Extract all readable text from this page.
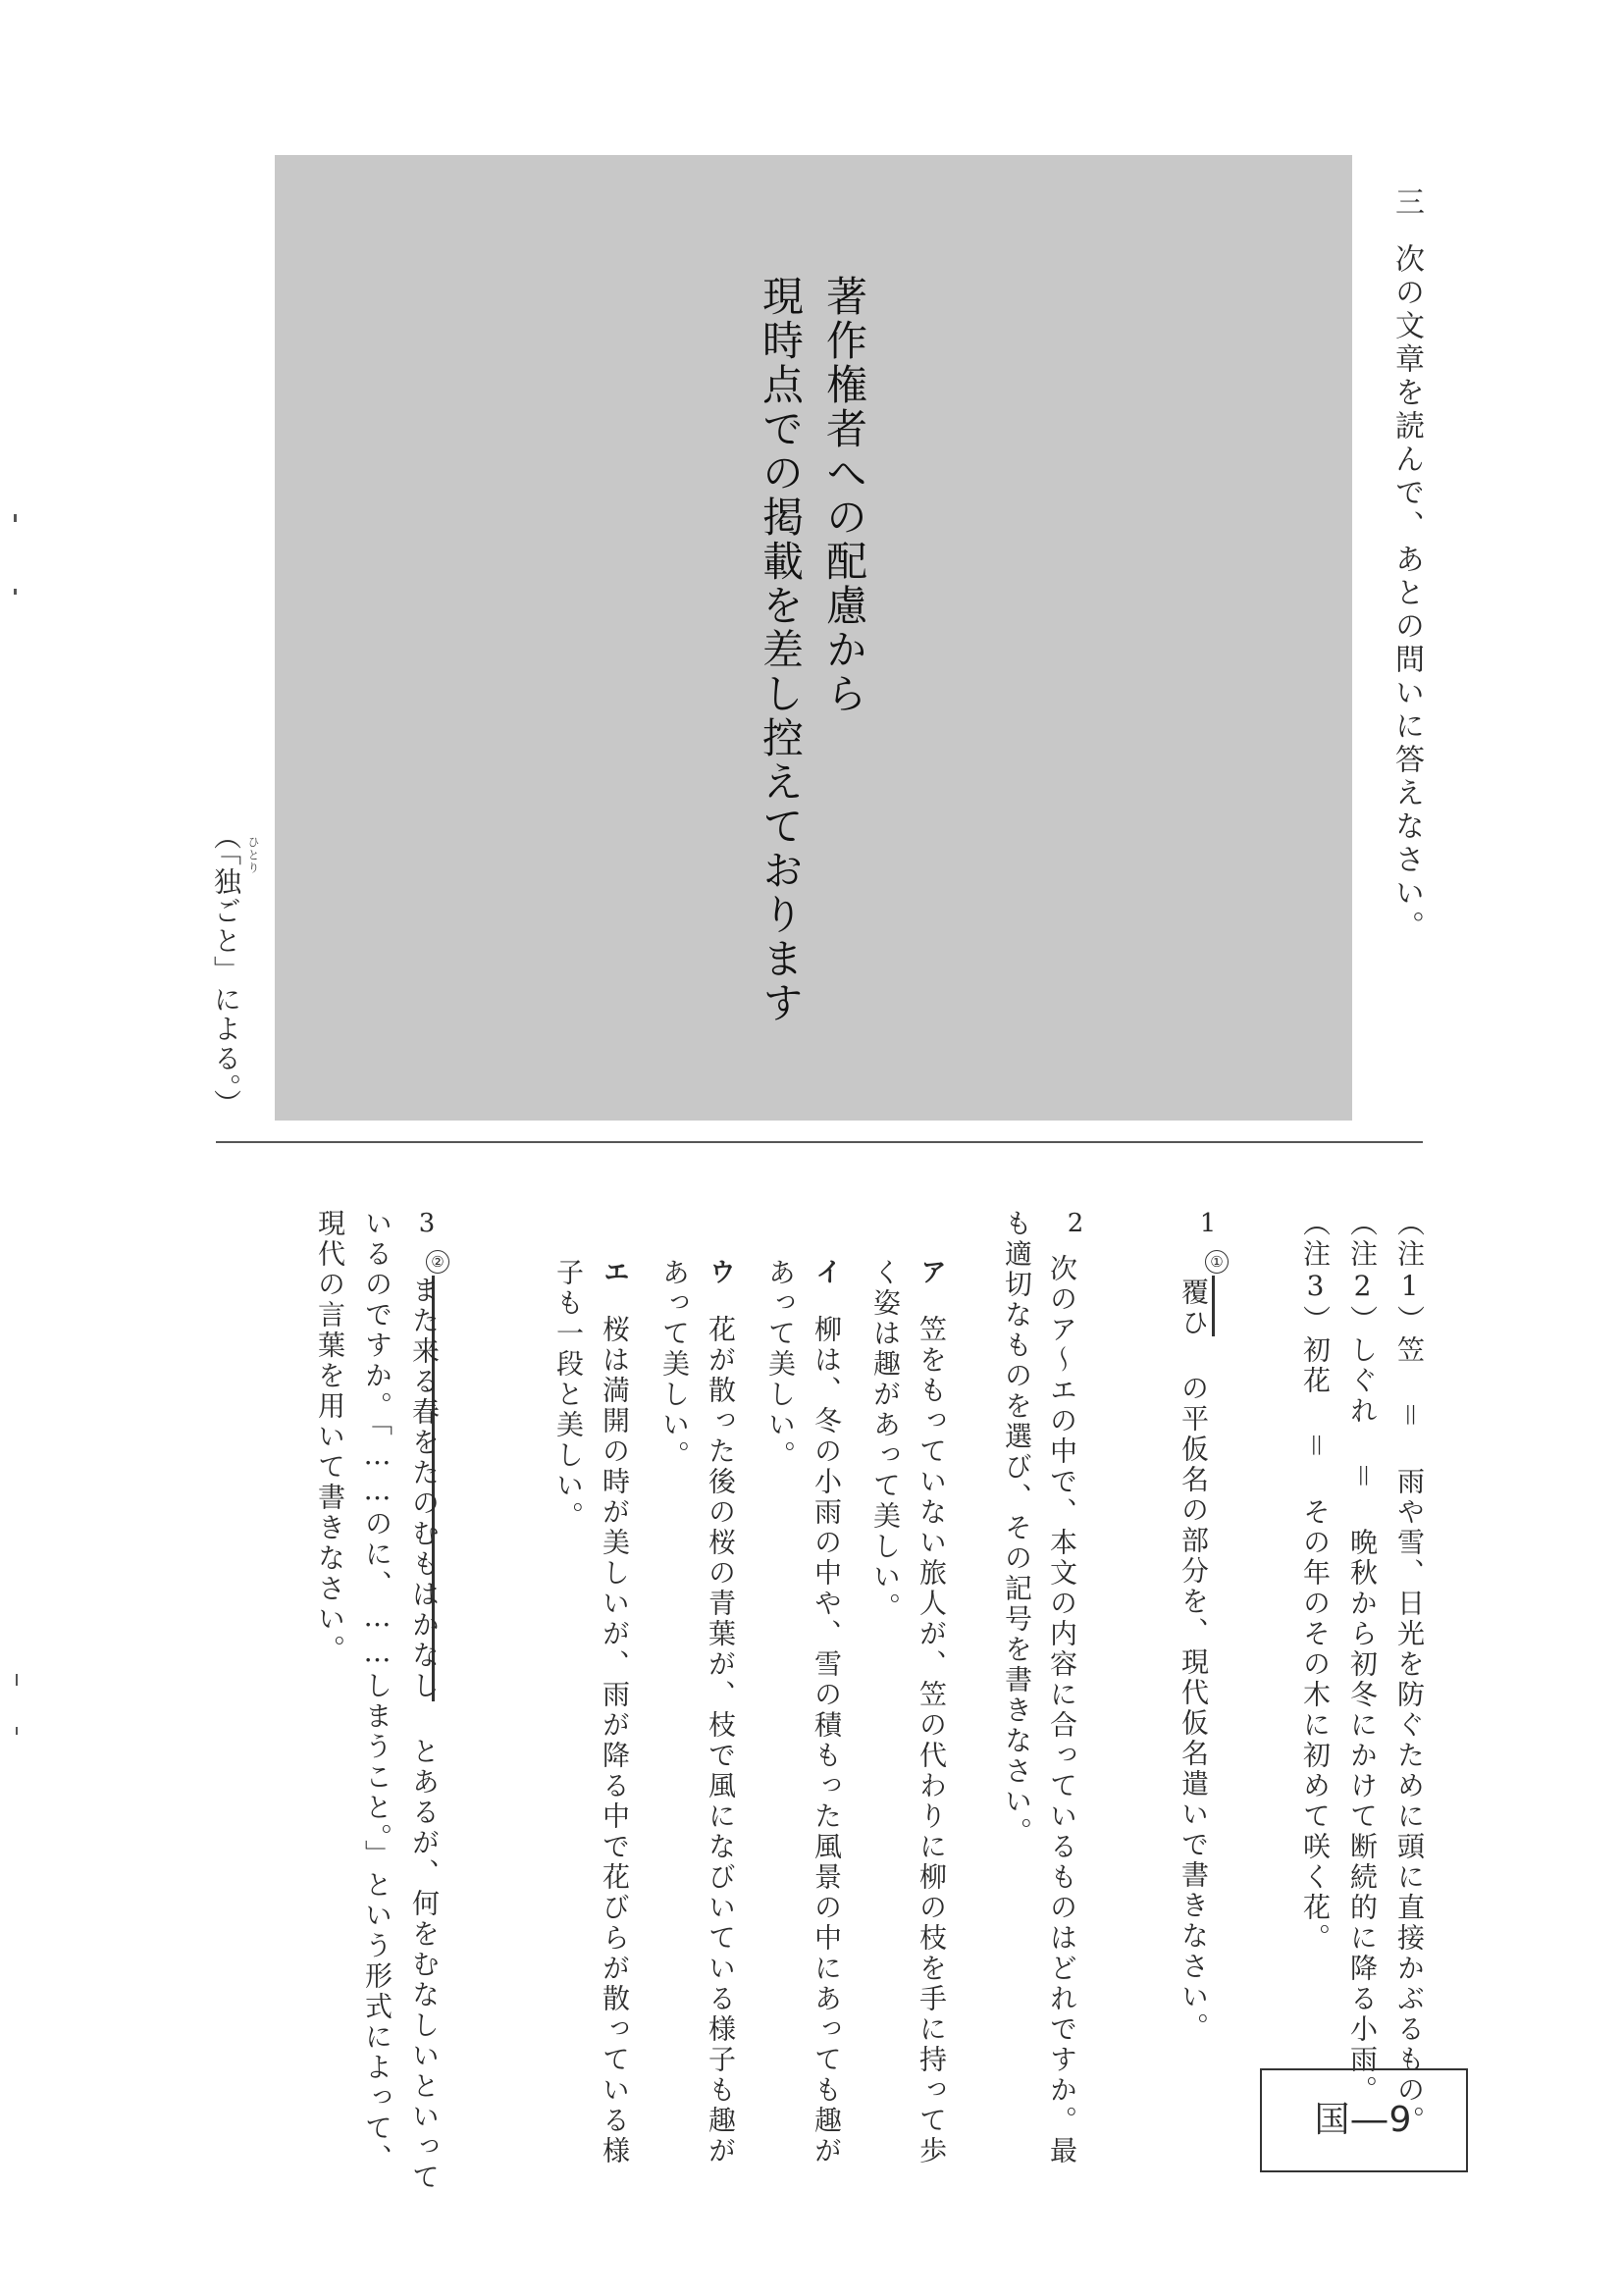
三
次の文章を読んで、あとの問いに答えなさい。
著作権者への配慮から
現時点での掲載を差し控えております
（「独ごと」による。） ひとり
（注1）笠 ＝ 雨や雪、日光を防ぐために頭に直接かぶるもの。
（注2）しぐれ ＝ 晩秋から初冬にかけて断続的に降る小雨。
（注3）初花 ＝ その年のその木に初めて咲く花。
1
①
覆ひ の平仮名の部分を、現代仮名遣いで書きなさい。
2
次のア〜エの中で、本文の内容に合っているものはどれですか。最
も適切なものを選び、その記号を書きなさい。
ア
笠をもっていない旅人が、笠の代わりに柳の枝を手に持って歩
く姿は趣があって美しい。
イ
柳は、冬の小雨の中や、雪の積もった風景の中にあっても趣が
あって美しい。
ウ
花が散った後の桜の青葉が、枝で風になびいている様子も趣が
あって美しい。
エ
桜は満開の時が美しいが、雨が降る中で花びらが散っている様
子も一段と美しい。
3
②
また来る春をたのむもはかなし とあるが、何をむなしいといって
いるのですか。「……のに、……しまうこと。」という形式によって、
現代の言葉を用いて書きなさい。
国―9
